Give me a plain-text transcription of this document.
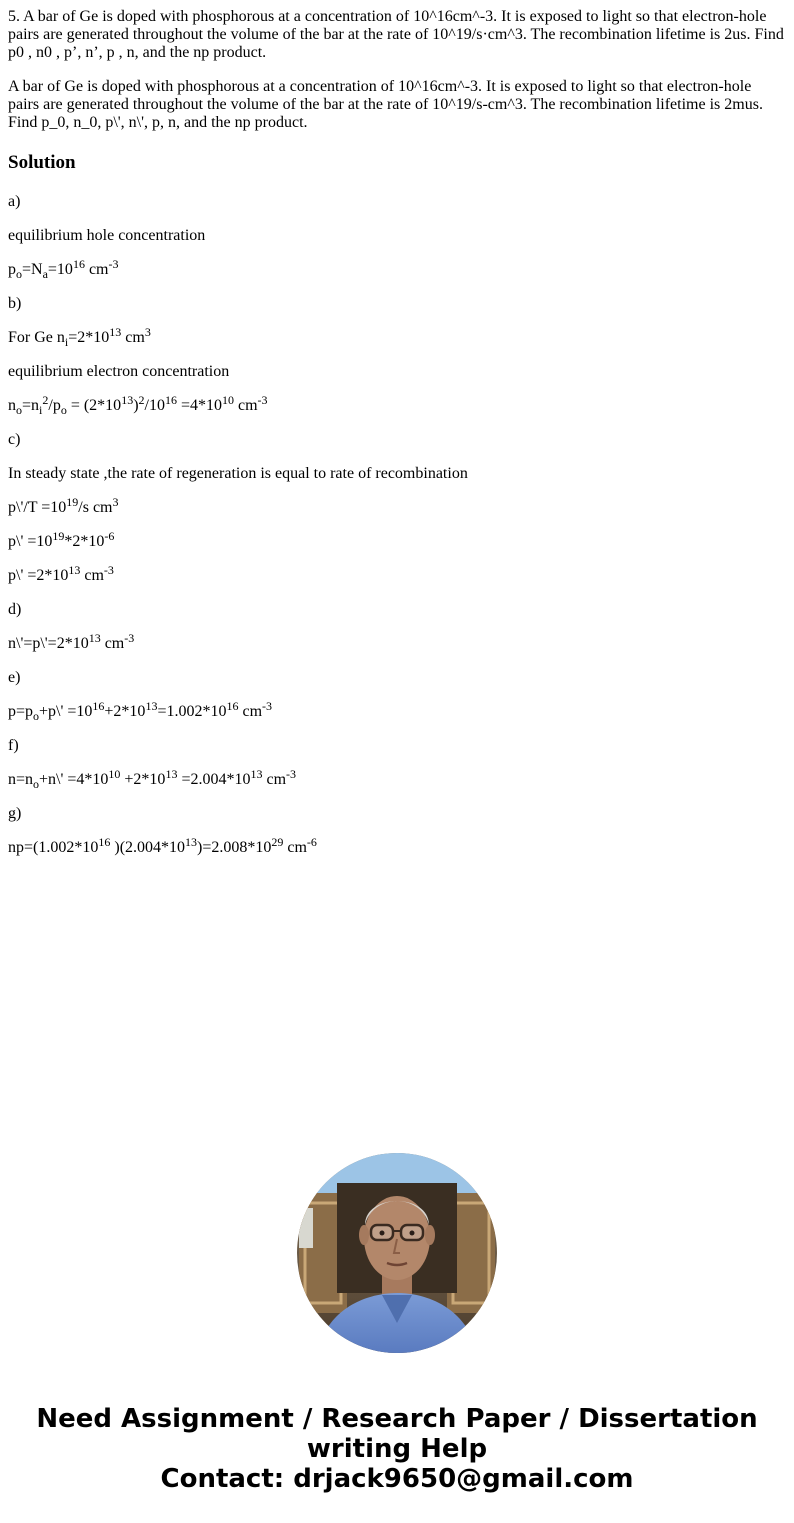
5. A bar of Ge is doped with phosphorous at a concentration of 10^16cm^-3. It is exposed to light so that electron-hole pairs are generated throughout the volume of the bar at the rate of 10^19/s·cm^3. The recombination lifetime is 2us. Find p0 , n0 , p’, n’, p , n, and the np product.

A bar of Ge is doped with phosphorous at a concentration of 10^16cm^-3. It is exposed to light so that electron-hole pairs are generated throughout the volume of the bar at the rate of 10^19/s-cm^3. The recombination lifetime is 2mus. Find p_0, n_0, p\', n\', p, n, and the np product.

Solution

a)

equilibrium hole concentration

$p_o=N_a=10^{16}$ $cm^{-3}$

b)

For Ge $n_i=2*10^{13}$ $cm^3$

equilibrium electron concentration

$n_o=n_i^2/p_o = (2*10^{13})^2/10^{16} =4*10^{10}$ $cm^{-3}$

c)

In steady state ,the rate of regeneration is equal to rate of recombination

p\'/T $=10^{19}/s$ $cm^3$

p\' $=10^{19}*2*10^{-6}$

p\' $=2*10^{13}$ $cm^{-3}$

d)

$n\backslash'=p\backslash'=2*10^{13}$ $cm^{-3}$

e)

$p=p_o+p\backslash' =10^{16}+2*10^{13}=1.002*10^{16}$ $cm^{-3}$

f)

$n=n_o+n\backslash' =4*10^{10} +2*10^{13} =2.004*10^{13}$ $cm^{-3}$

g)

$np=(1.002*10^{16}$ )$(2.004*10^{13})=2.008*10^{29}$ $cm^{-6}$

Need Assignment / Research Paper / Dissertation
writing Help
Contact: drjack9650@gmail.com
